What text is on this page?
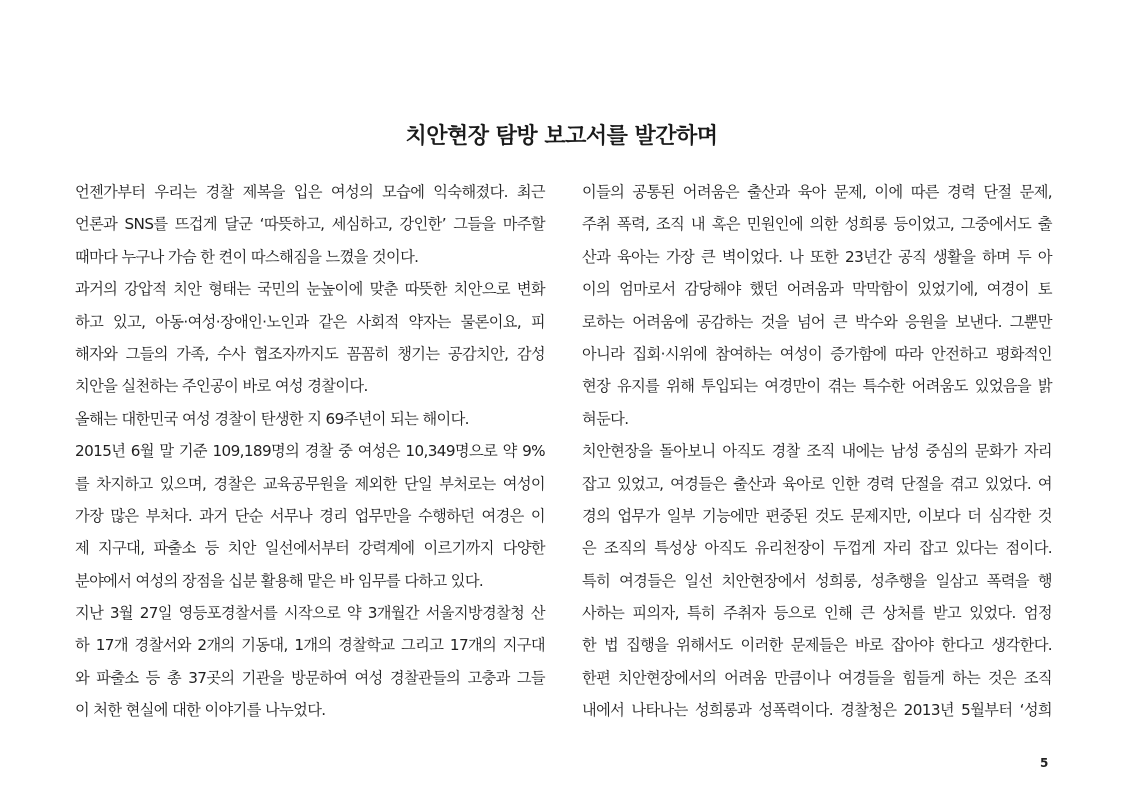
치안현장 탐방 보고서를 발간하며
언젠가부터 우리는 경찰 제복을 입은 여성의 모습에 익숙해졌다. 최근
언론과 SNS를 뜨겁게 달군 ‘따뜻하고, 세심하고, 강인한’ 그들을 마주할
때마다 누구나 가슴 한 켠이 따스해짐을 느꼈을 것이다.
과거의 강압적 치안 형태는 국민의 눈높이에 맞춘 따뜻한 치안으로 변화
하고 있고, 아동·여성·장애인·노인과 같은 사회적 약자는 물론이요, 피
해자와 그들의 가족, 수사 협조자까지도 꼼꼼히 챙기는 공감치안, 감성
치안을 실천하는 주인공이 바로 여성 경찰이다.
올해는 대한민국 여성 경찰이 탄생한 지 69주년이 되는 해이다.
2015년 6월 말 기준 109,189명의 경찰 중 여성은 10,349명으로 약 9%
를 차지하고 있으며, 경찰은 교육공무원을 제외한 단일 부처로는 여성이
가장 많은 부처다. 과거 단순 서무나 경리 업무만을 수행하던 여경은 이
제 지구대, 파출소 등 치안 일선에서부터 강력계에 이르기까지 다양한
분야에서 여성의 장점을 십분 활용해 맡은 바 임무를 다하고 있다.
지난 3월 27일 영등포경찰서를 시작으로 약 3개월간 서울지방경찰청 산
하 17개 경찰서와 2개의 기동대, 1개의 경찰학교 그리고 17개의 지구대
와 파출소 등 총 37곳의 기관을 방문하여 여성 경찰관들의 고충과 그들
이 처한 현실에 대한 이야기를 나누었다.
이들의 공통된 어려움은 출산과 육아 문제, 이에 따른 경력 단절 문제,
주취 폭력, 조직 내 혹은 민원인에 의한 성희롱 등이었고, 그중에서도 출
산과 육아는 가장 큰 벽이었다. 나 또한 23년간 공직 생활을 하며 두 아
이의 엄마로서 감당해야 했던 어려움과 막막함이 있었기에, 여경이 토
로하는 어려움에 공감하는 것을 넘어 큰 박수와 응원을 보낸다. 그뿐만
아니라 집회·시위에 참여하는 여성이 증가함에 따라 안전하고 평화적인
현장 유지를 위해 투입되는 여경만이 겪는 특수한 어려움도 있었음을 밝
혀둔다.
치안현장을 돌아보니 아직도 경찰 조직 내에는 남성 중심의 문화가 자리
잡고 있었고, 여경들은 출산과 육아로 인한 경력 단절을 겪고 있었다. 여
경의 업무가 일부 기능에만 편중된 것도 문제지만, 이보다 더 심각한 것
은 조직의 특성상 아직도 유리천장이 두껍게 자리 잡고 있다는 점이다.
특히 여경들은 일선 치안현장에서 성희롱, 성추행을 일삼고 폭력을 행
사하는 피의자, 특히 주취자 등으로 인해 큰 상처를 받고 있었다. 엄정
한 법 집행을 위해서도 이러한 문제들은 바로 잡아야 한다고 생각한다.
한편 치안현장에서의 어려움 만큼이나 여경들을 힘들게 하는 것은 조직
내에서 나타나는 성희롱과 성폭력이다. 경찰청은 2013년 5월부터 ‘성희
5
